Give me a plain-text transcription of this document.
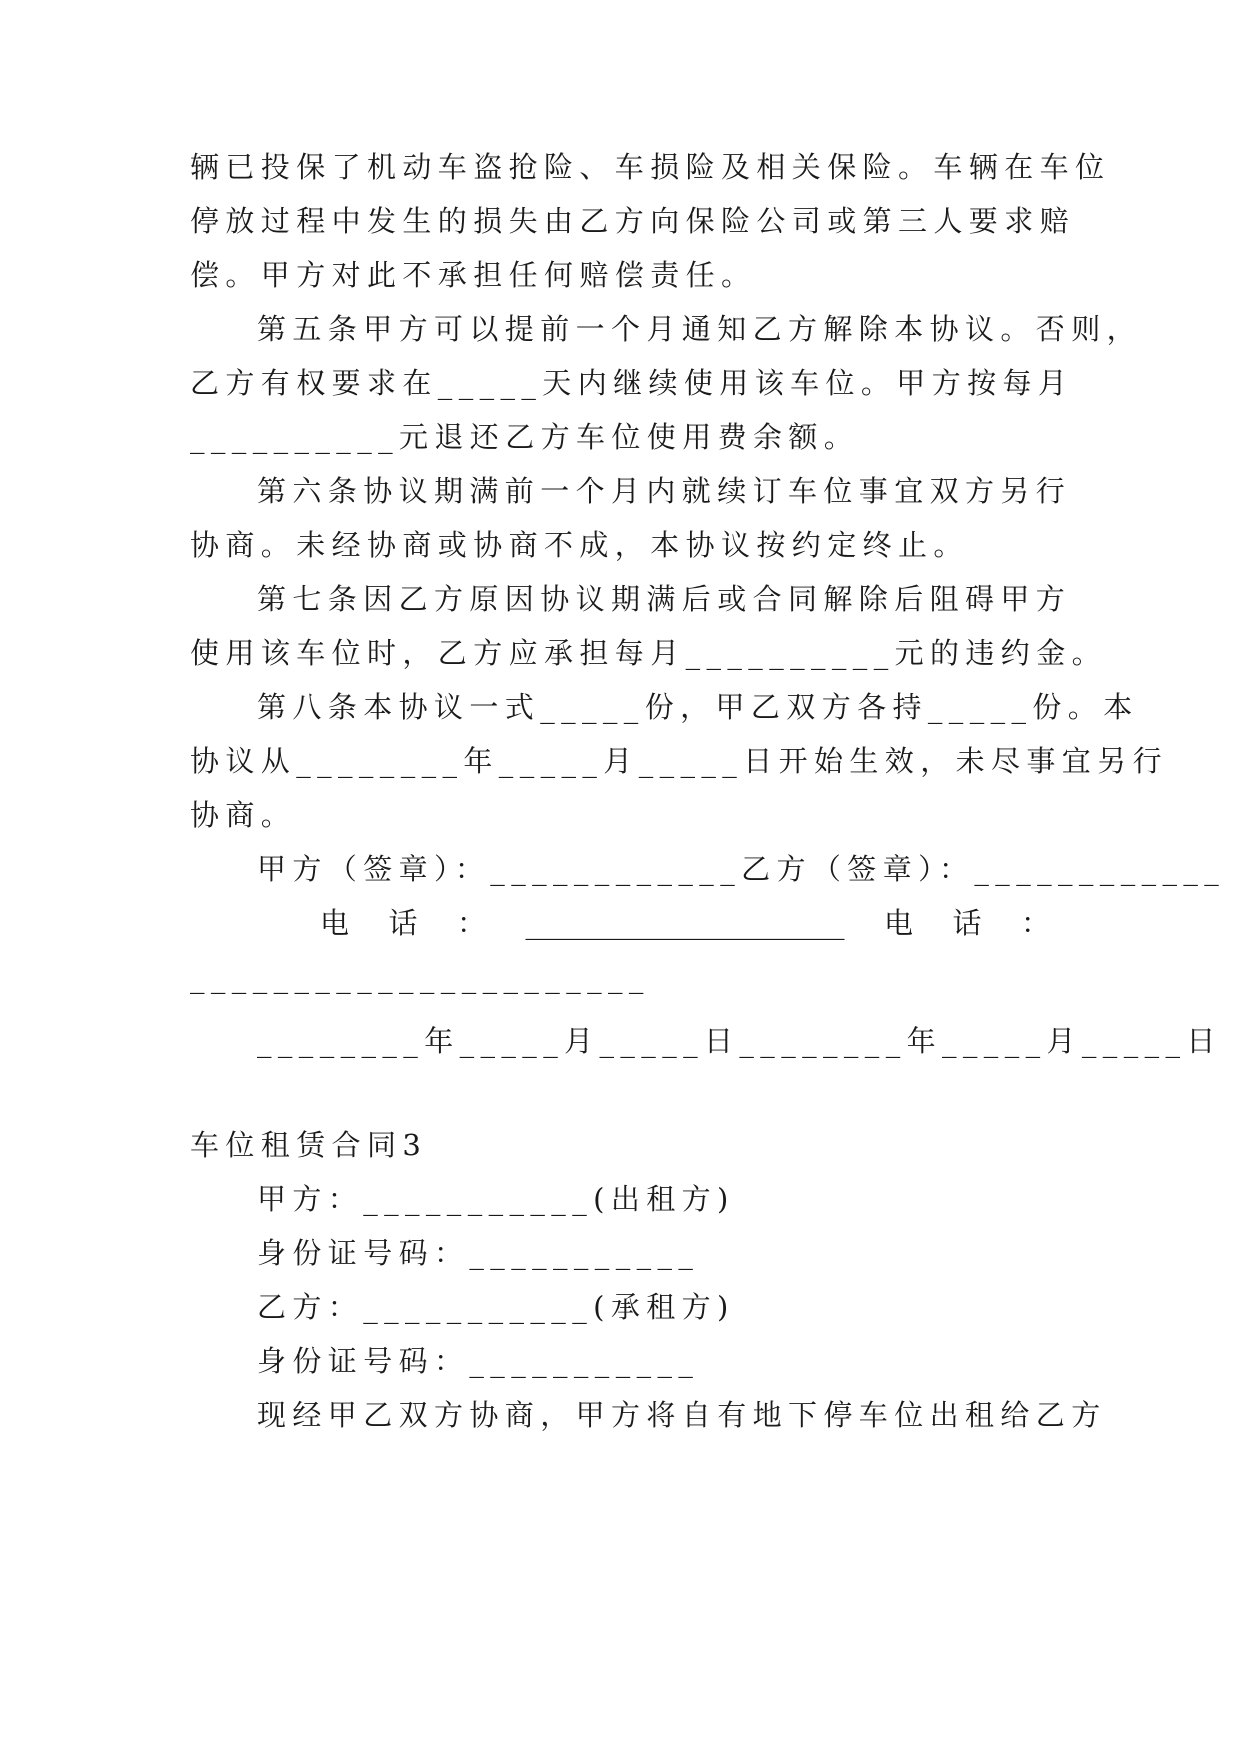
辆已投保了机动车盗抢险、车损险及相关保险。车辆在车位
停放过程中发生的损失由乙方向保险公司或第三人要求赔
偿。甲方对此不承担任何赔偿责任。
第五条甲方可以提前一个月通知乙方解除本协议。否则，
乙方有权要求在_____天内继续使用该车位。甲方按每月
__________元退还乙方车位使用费余额。
第六条协议期满前一个月内就续订车位事宜双方另行
协商。未经协商或协商不成，本协议按约定终止。
第七条因乙方原因协议期满后或合同解除后阻碍甲方
使用该车位时，乙方应承担每月__________元的违约金。
第八条本协议一式_____份，甲乙双方各持_____份。本
协议从________年_____月_____日开始生效，未尽事宜另行
协商。
甲方（签章）：____________乙方（签章）：____________
电 话 ： ______________________ 电 话 ：
______________________
________年_____月_____日________年_____月_____日
车位租赁合同3
甲方：___________(出租方)
身份证号码：___________
乙方：___________(承租方)
身份证号码：___________
现经甲乙双方协商，甲方将自有地下停车位出租给乙方
